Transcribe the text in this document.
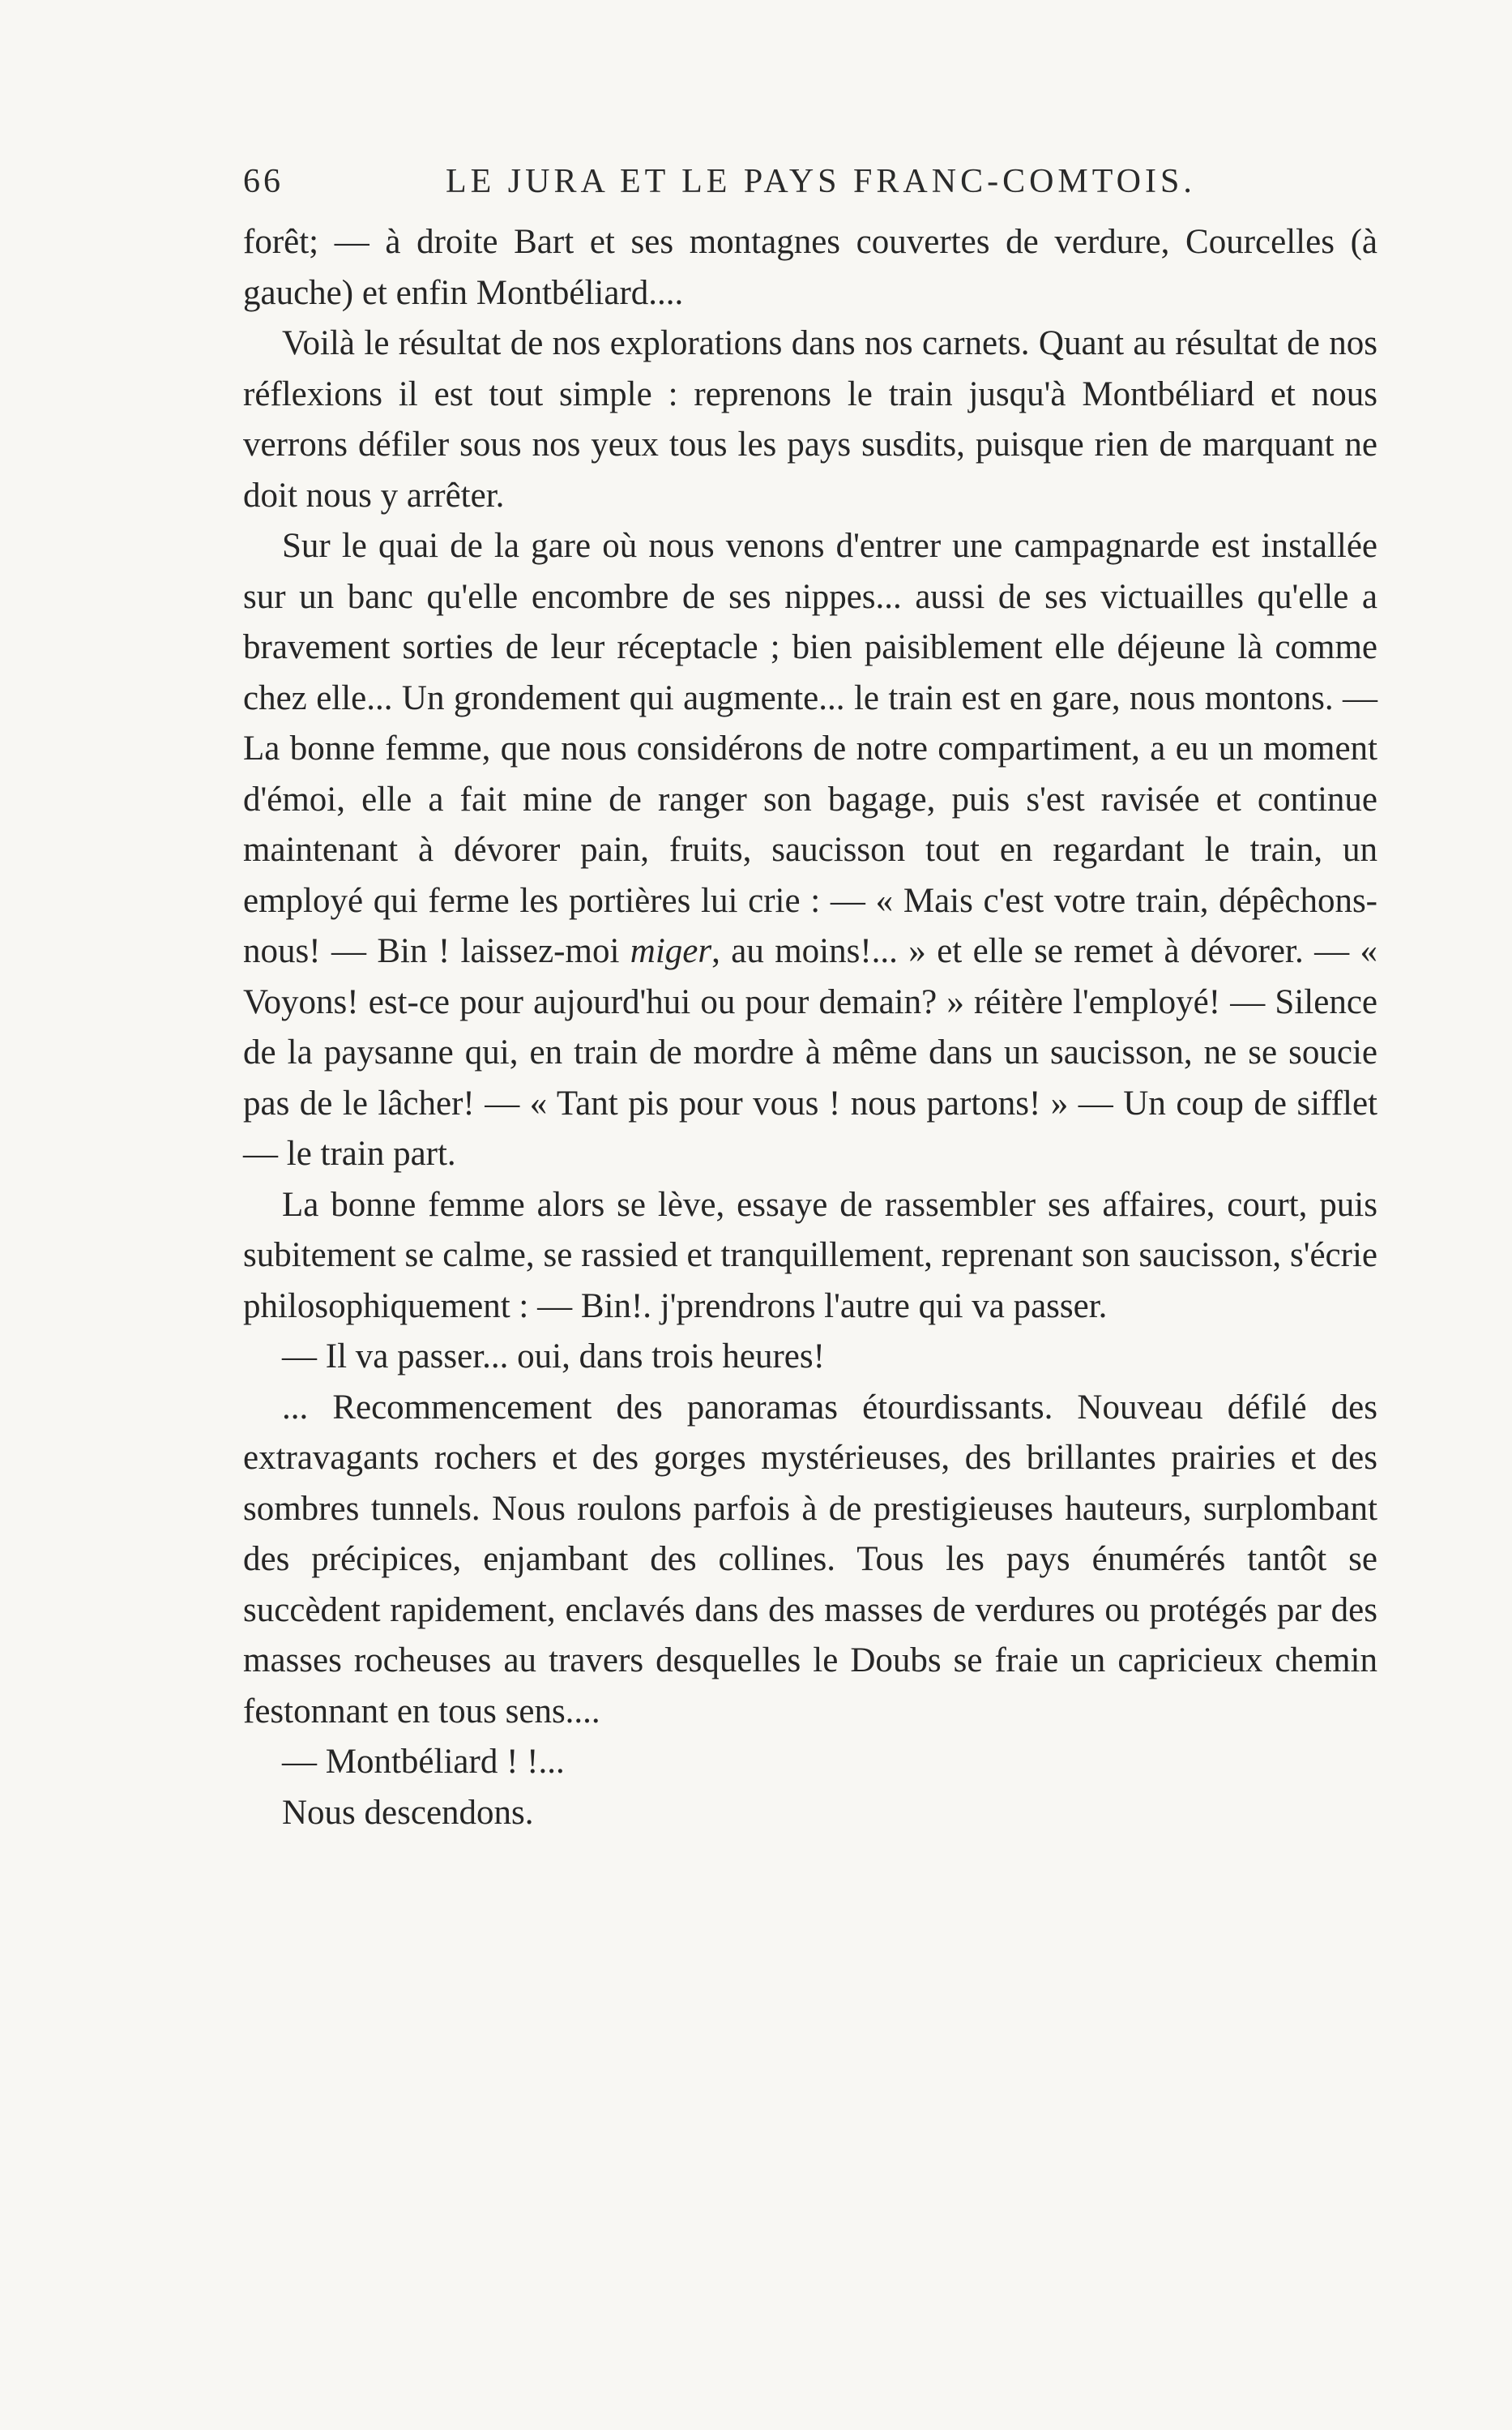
66	LE JURA ET LE PAYS FRANC-COMTOIS.

forêt; — à droite Bart et ses montagnes couvertes de verdure, Courcelles (à gauche) et enfin Montbéliard....

Voilà le résultat de nos explorations dans nos carnets. Quant au résultat de nos réflexions il est tout simple : reprenons le train jusqu'à Montbéliard et nous verrons défiler sous nos yeux tous les pays susdits, puisque rien de marquant ne doit nous y arrêter.

Sur le quai de la gare où nous venons d'entrer une campagnarde est installée sur un banc qu'elle encombre de ses nippes... aussi de ses victuailles qu'elle a bravement sorties de leur réceptacle ; bien paisiblement elle déjeune là comme chez elle... Un grondement qui augmente... le train est en gare, nous montons. — La bonne femme, que nous considérons de notre compartiment, a eu un moment d'émoi, elle a fait mine de ranger son bagage, puis s'est ravisée et continue maintenant à dévorer pain, fruits, saucisson tout en regardant le train, un employé qui ferme les portières lui crie : — « Mais c'est votre train, dépêchons-nous! — Bin ! laissez-moi miger, au moins!... » et elle se remet à dévorer. — « Voyons! est-ce pour aujourd'hui ou pour demain? » réitère l'employé! — Silence de la paysanne qui, en train de mordre à même dans un saucisson, ne se soucie pas de le lâcher! — « Tant pis pour vous ! nous partons! » — Un coup de sifflet — le train part.

La bonne femme alors se lève, essaye de rassembler ses affaires, court, puis subitement se calme, se rassied et tranquillement, reprenant son saucisson, s'écrie philosophiquement : — Bin!. j'prendrons l'autre qui va passer.

— Il va passer... oui, dans trois heures!

... Recommencement des panoramas étourdissants. Nouveau défilé des extravagants rochers et des gorges mystérieuses, des brillantes prairies et des sombres tunnels. Nous roulons parfois à de prestigieuses hauteurs, surplombant des précipices, enjambant des collines. Tous les pays énumérés tantôt se succèdent rapidement, enclavés dans des masses de verdures ou protégés par des masses rocheuses au travers desquelles le Doubs se fraie un capricieux chemin festonnant en tous sens....

— Montbéliard ! !...

Nous descendons.
